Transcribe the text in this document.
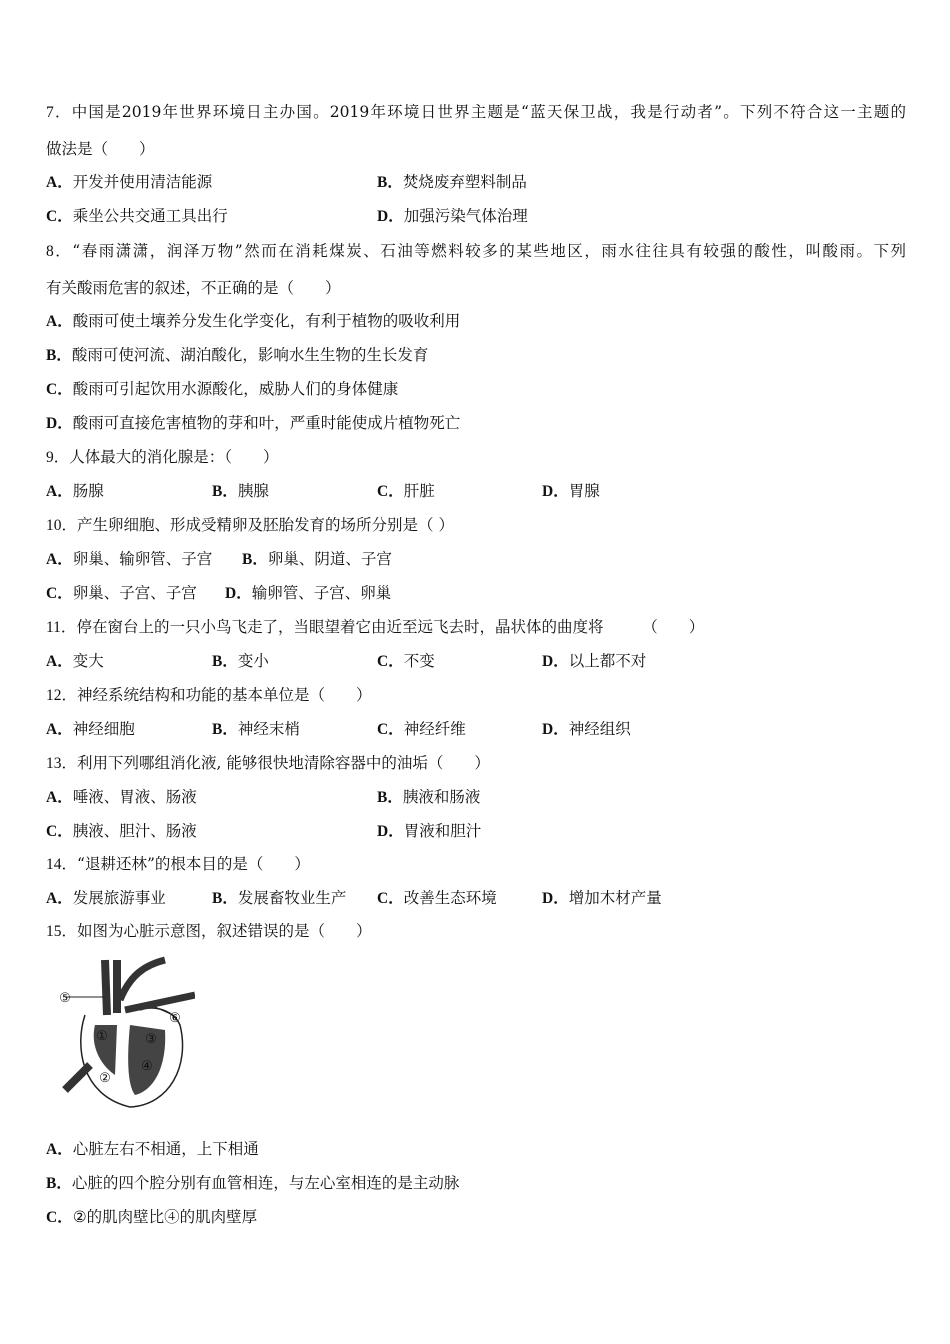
7．中国是2019年世界环境日主办国。2019年环境日世界主题是“蓝天保卫战，我是行动者”。下列不符合这一主题的
做法是（　　）
A．开发并使用清洁能源	B．焚烧废弃塑料制品
C．乘坐公共交通工具出行	D．加强污染气体治理
8．“春雨潇潇，润泽万物”然而在消耗煤炭、石油等燃料较多的某些地区，雨水往往具有较强的酸性，叫酸雨。下列
有关酸雨危害的叙述，不正确的是（　　）
A．酸雨可使土壤养分发生化学变化，有利于植物的吸收利用
B．酸雨可使河流、湖泊酸化，影响水生生物的生长发育
C．酸雨可引起饮用水源酸化，威胁人们的身体健康
D．酸雨可直接危害植物的芽和叶，严重时能使成片植物死亡
9．人体最大的消化腺是：（　　）
A．肠腺	B．胰腺	C．肝脏	D．胃腺
10．产生卵细胞、形成受精卵及胚胎发育的场所分别是（ ）
A．卵巢、输卵管、子宫 B．卵巢、阴道、子宫
C．卵巢、子宫、子宫 D．输卵管、子宫、卵巢
11．停在窗台上的一只小鸟飞走了，当眼望着它由近至远飞去时，晶状体的曲度将　　　（　　）
A．变大	B．变小	C．不变	D．以上都不对
12．神经系统结构和功能的基本单位是（　　）
A．神经细胞	B．神经末梢	C．神经纤维	D．神经组织
13．利用下列哪组消化液, 能够很快地清除容器中的油垢（　　）
A．唾液、胃液、肠液	B．胰液和肠液
C．胰液、胆汁、肠液	D．胃液和胆汁
14．“退耕还林”的根本目的是（　　）
A．发展旅游事业	B．发展畜牧业生产 C．改善生态环境	D．增加木材产量
15．如图为心脏示意图，叙述错误的是（　　）
A．心脏左右不相通，上下相通
B．心脏的四个腔分别有血管相连，与左心室相连的是主动脉
C．②的肌肉壁比④的肌肉壁厚
①
②
③
④
⑤
⑥
